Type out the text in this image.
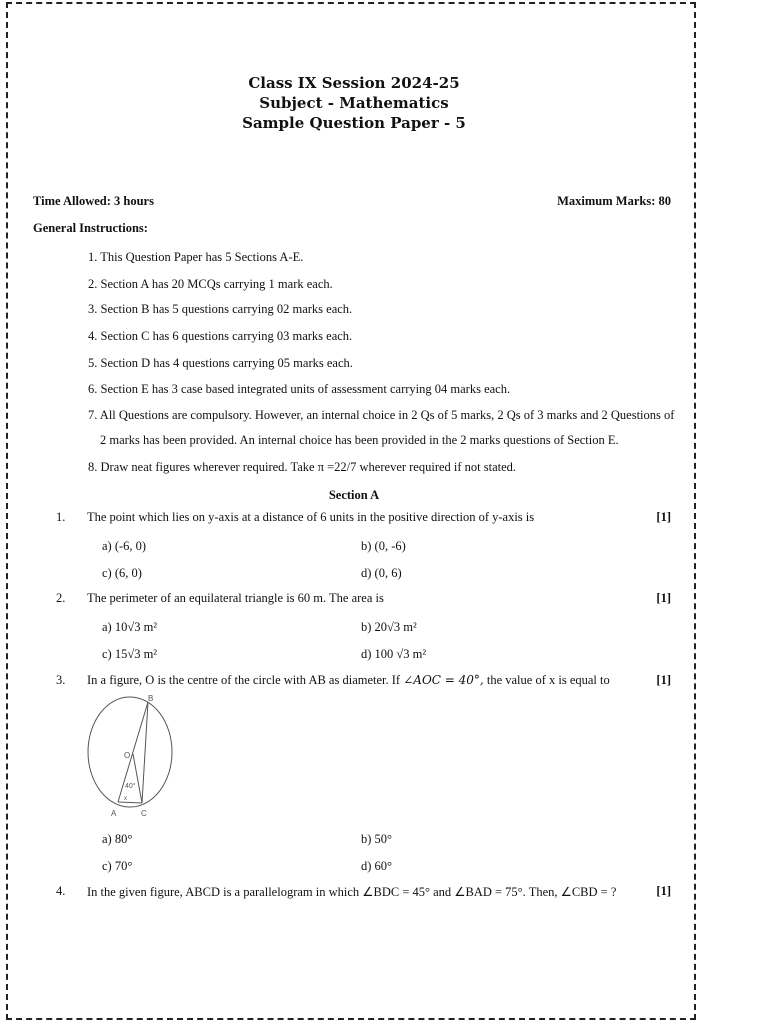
Class IX Session 2024-25
Subject - Mathematics
Sample Question Paper - 5
Time Allowed: 3 hours	Maximum Marks: 80
General Instructions:
1. This Question Paper has 5 Sections A-E.
2. Section A has 20 MCQs carrying 1 mark each.
3. Section B has 5 questions carrying 02 marks each.
4. Section C has 6 questions carrying 03 marks each.
5. Section D has 4 questions carrying 05 marks each.
6. Section E has 3 case based integrated units of assessment carrying 04 marks each.
7. All Questions are compulsory. However, an internal choice in 2 Qs of 5 marks, 2 Qs of 3 marks and 2 Questions of
2 marks has been provided. An internal choice has been provided in the 2 marks questions of Section E.
8. Draw neat figures wherever required. Take π =22/7 wherever required if not stated.
Section A
1. The point which lies on y-axis at a distance of 6 units in the positive direction of y-axis is	[1]
a) (-6, 0)	b) (0, -6)
c) (6, 0)	d) (0, 6)
2. The perimeter of an equilateral triangle is 60 m. The area is	[1]
a) 10√3 m²	b) 20√3 m²
c) 15√3 m²	d) 100 √3 m²
3. In a figure, O is the centre of the circle with AB as diameter. If ∠AOC = 40°, the value of x is equal to	[1]
B
O
40°
x
A	C
a) 80°	b) 50°
c) 70°	d) 60°
4. In the given figure, ABCD is a parallelogram in which ∠BDC = 45° and ∠BAD = 75°. Then, ∠CBD = ?	[1]
